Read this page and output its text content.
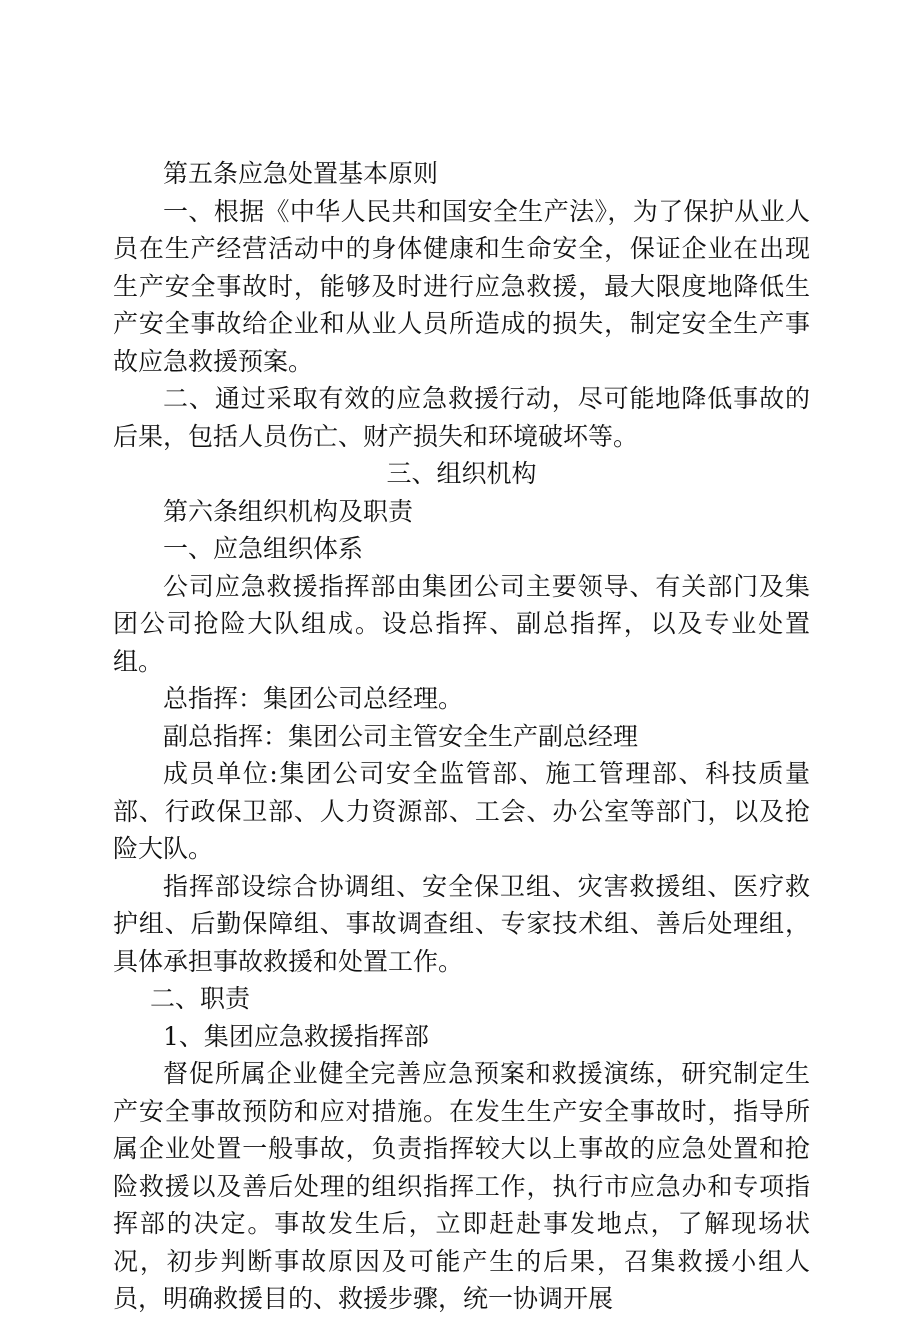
第五条应急处置基本原则

一、根据《中华人民共和国安全生产法》，为了保护从业人员在生产经营活动中的身体健康和生命安全，保证企业在出现生产安全事故时，能够及时进行应急救援，最大限度地降低生产安全事故给企业和从业人员所造成的损失，制定安全生产事故应急救援预案。

二、通过采取有效的应急救援行动，尽可能地降低事故的后果，包括人员伤亡、财产损失和环境破坏等。

三、组织机构

第六条组织机构及职责

一、应急组织体系

公司应急救援指挥部由集团公司主要领导、有关部门及集团公司抢险大队组成。设总指挥、副总指挥，以及专业处置组。

总指挥：集团公司总经理。

副总指挥：集团公司主管安全生产副总经理

成员单位:集团公司安全监管部、施工管理部、科技质量部、行政保卫部、人力资源部、工会、办公室等部门，以及抢险大队。

指挥部设综合协调组、安全保卫组、灾害救援组、医疗救护组、后勤保障组、事故调查组、专家技术组、善后处理组，具体承担事故救援和处置工作。

二、职责

1、集团应急救援指挥部

督促所属企业健全完善应急预案和救援演练，研究制定生产安全事故预防和应对措施。在发生生产安全事故时，指导所属企业处置一般事故，负责指挥较大以上事故的应急处置和抢险救援以及善后处理的组织指挥工作，执行市应急办和专项指挥部的决定。事故发生后，立即赶赴事发地点，了解现场状况，初步判断事故原因及可能产生的后果，召集救援小组人员，明确救援目的、救援步骤，统一协调开展
